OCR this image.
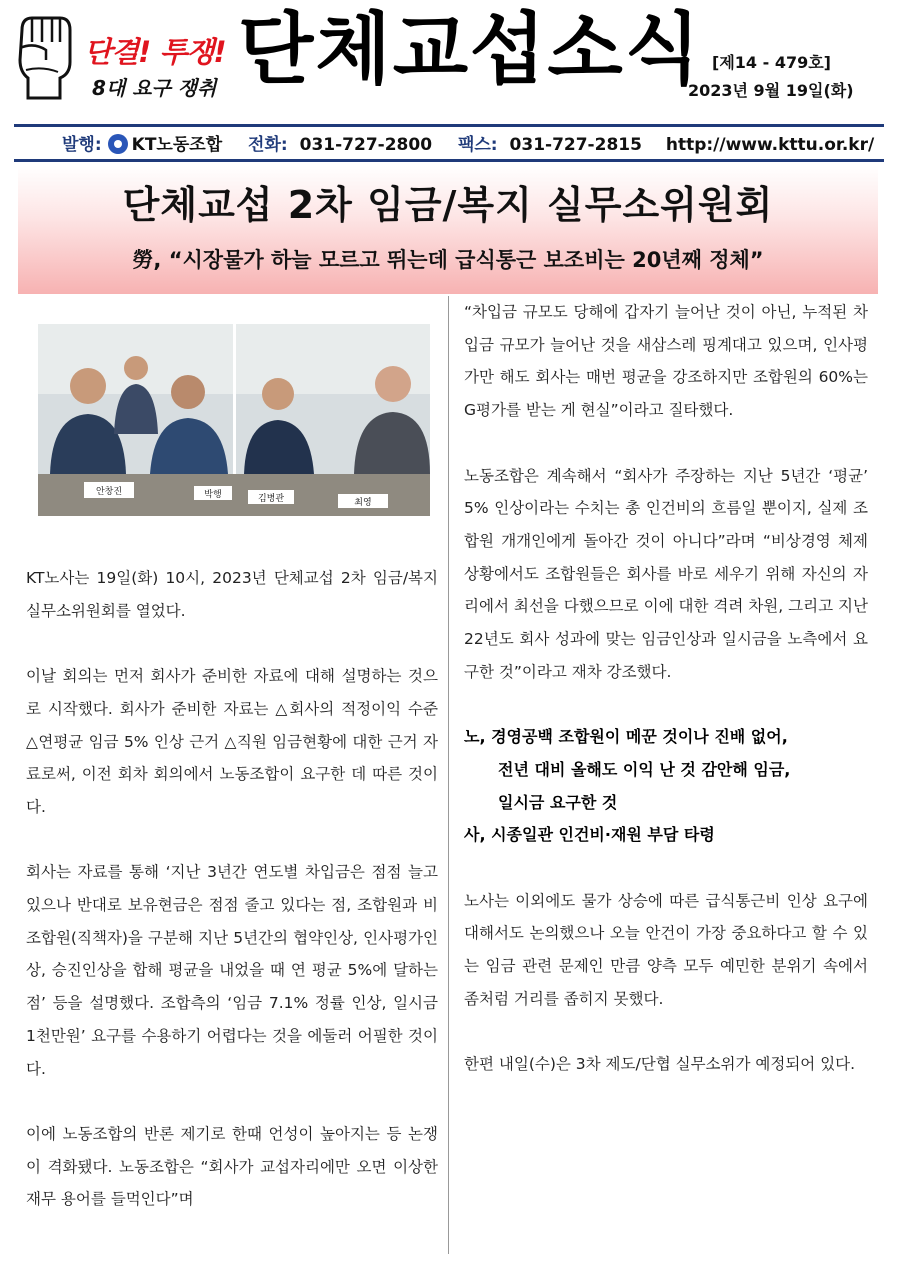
단결! 투쟁!
8대 요구 쟁취 단체교섭소식 [제14 - 479호]
2023년 9월 19일(화)
발행: KT노동조합 전화: 031-727-2800 팩스: 031-727-2815 http://www.kttu.or.kr/
단체교섭 2차 임금/복지 실무소위원회
勞, “시장물가 하늘 모르고 뛰는데 급식통근 보조비는 20년째 정체”
안창진	박행	김병관	최영

KT노사는 19일(화) 10시, 2023년 단체교섭 2차 임금/복지 실무소위원회를 열었다.

이날 회의는 먼저 회사가 준비한 자료에 대해 설명하는 것으로 시작했다. 회사가 준비한 자료는 △회사의 적정이익 수준 △연평균 임금 5% 인상 근거 △직원 임금현황에 대한 근거 자료로써, 이전 회차 회의에서 노동조합이 요구한 데 따른 것이다.

회사는 자료를 통해 ‘지난 3년간 연도별 차입금은 점점 늘고 있으나 반대로 보유현금은 점점 줄고 있다는 점, 조합원과 비조합원(직책자)을 구분해 지난 5년간의 협약인상, 인사평가인상, 승진인상을 합해 평균을 내었을 때 연 평균 5%에 달하는 점’ 등을 설명했다. 조합측의 ‘임금 7.1% 정률 인상, 일시금 1천만원’ 요구를 수용하기 어렵다는 것을 에둘러 어필한 것이다.

이에 노동조합의 반론 제기로 한때 언성이 높아지는 등 논쟁이 격화됐다. 노동조합은 “회사가 교섭자리에만 오면 이상한 재무 용어를 들먹인다”며

“차입금 규모도 당해에 갑자기 늘어난 것이 아닌, 누적된 차입금 규모가 늘어난 것을 새삼스레 핑계대고 있으며, 인사평가만 해도 회사는 매번 평균을 강조하지만 조합원의 60%는 G평가를 받는 게 현실”이라고 질타했다.

노동조합은 계속해서 “회사가 주장하는 지난 5년간 ‘평균’ 5% 인상이라는 수치는 총 인건비의 흐름일 뿐이지, 실제 조합원 개개인에게 돌아간 것이 아니다”라며 “비상경영 체제 상황에서도 조합원들은 회사를 바로 세우기 위해 자신의 자리에서 최선을 다했으므로 이에 대한 격려 차원, 그리고 지난 22년도 회사 성과에 맞는 임금인상과 일시금을 노측에서 요구한 것”이라고 재차 강조했다.

노, 경영공백 조합원이 메꾼 것이나 진배 없어,
전년 대비 올해도 이익 난 것 감안해 임금,
일시금 요구한 것
사, 시종일관 인건비·재원 부담 타령

노사는 이외에도 물가 상승에 따른 급식통근비 인상 요구에 대해서도 논의했으나 오늘 안건이 가장 중요하다고 할 수 있는 임금 관련 문제인 만큼 양측 모두 예민한 분위기 속에서 좀처럼 거리를 좁히지 못했다.

한편 내일(수)은 3차 제도/단협 실무소위가 예정되어 있다.
